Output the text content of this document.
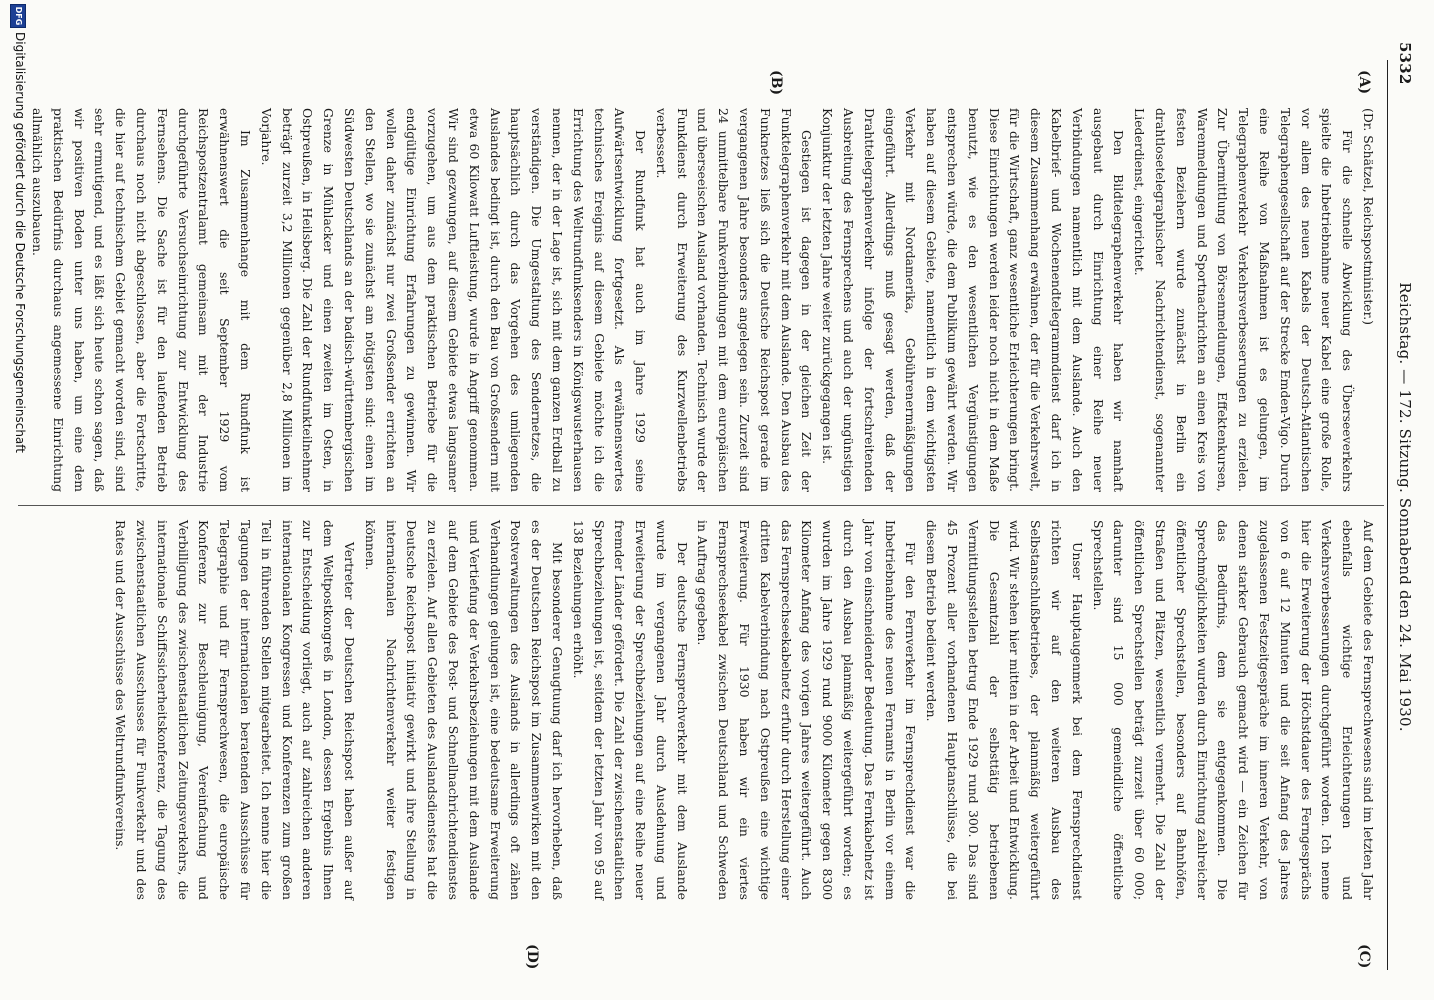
5332
Reichstag. — 172. Sitzung. Sonnabend den 24. Mai 1930.
(A)
(B)
(C)
(D)

(Dr. Schätzel, Reichspostminister.)

Für die schnelle Abwicklung des Überseeverkehrs spielte die Inbetriebnahme neuer Kabel eine große Rolle, vor allem des neuen Kabels der Deutsch-Atlantischen Telegraphengesellschaft auf der Strecke Emden-Vigo. Durch eine Reihe von Maßnahmen ist es gelungen, im Telegraphenverkehr Verkehrsverbesserungen zu erzielen. Zur Übermittlung von Börsenmeldungen, Effektenkursen, Warenmeldungen und Sportnachrichten an einen Kreis von festen Beziehern wurde zunächst in Berlin ein drahtlosetelegraphischer Nachrichtendienst, sogenannter Liederdienst, eingerichtet.

Den Bildtelegraphenverkehr haben wir namhaft ausgebaut durch Einrichtung einer Reihe neuer Verbindungen namentlich mit dem Auslande. Auch den Kabelbrief- und Wochenendtelegrammdienst darf ich in diesem Zusammenhang erwähnen, der für die Verkehrswelt, für die Wirtschaft, ganz wesentliche Erleichterungen bringt. Diese Einrichtungen werden leider noch nicht in dem Maße benutzt, wie es den wesentlichen Vergünstigungen entsprechen würde, die dem Publikum gewährt werden. Wir haben auf diesem Gebiete, namentlich in dem wichtigsten Verkehr mit Nordamerika, Gebührenermäßigungen eingeführt. Allerdings muß gesagt werden, daß der Drahttelegraphenverkehr infolge der fortschreitenden Ausbreitung des Fernsprechens und auch der ungünstigen Konjunktur der letzten Jahre weiter zurückgegangen ist.

Gestiegen ist dagegen in der gleichen Zeit der Funktelegraphenverkehr mit dem Auslande. Den Ausbau des Funknetzes ließ sich die Deutsche Reichspost gerade im vergangenen Jahre besonders angelegen sein. Zurzeit sind 24 unmittelbare Funkverbindungen mit dem europäischen und überseeischen Ausland vorhanden. Technisch wurde der Funkdienst durch Erweiterung des Kurzwellenbetriebs verbessert.

Der Rundfunk hat auch im Jahre 1929 seine Aufwärtsentwicklung fortgesetzt. Als erwähnenswertes technisches Ereignis auf diesem Gebiete möchte ich die Errichtung des Weltrundfunksenders in Königswusterhausen nennen, der in der Lage ist, sich mit dem ganzen Erdball zu verständigen. Die Umgestaltung des Sendernetzes, die hauptsächlich durch das Vorgehen des umliegenden Auslandes bedingt ist, durch den Bau von Großsendern mit etwa 60 Kilowatt Luftleistung, wurde in Angriff genommen. Wir sind gezwungen, auf diesem Gebiete etwas langsamer vorzugehen, um aus dem praktischen Betriebe für die endgültige Einrichtung Erfahrungen zu gewinnen. Wir wollen daher zunächst nur zwei Großsender errichten an den Stellen, wo sie zunächst am nötigsten sind: einen im Südwesten Deutschlands an der badisch-württembergischen Grenze in Mühlacker und einen zweiten im Osten, in Ostpreußen, in Heilsberg. Die Zahl der Rundfunkteilnehmer beträgt zurzeit 3,2 Millionen gegenüber 2,8 Millionen im Vorjahre.

Im Zusammenhange mit dem Rundfunk ist erwähnenswert die seit September 1929 vom Reichspostzentralamt gemeinsam mit der Industrie durchgeführte Versuchseinrichtung zur Entwicklung des Fernsehens. Die Sache ist für den laufenden Betrieb durchaus noch nicht abgeschlossen, aber die Fortschritte, die hier auf technischem Gebiet gemacht worden sind, sind sehr ermutigend, und es läßt sich heute schon sagen, daß wir positiven Boden unter uns haben, um eine dem praktischen Bedürfnis durchaus angemessene Einrichtung allmählich auszubauen.

Auf dem Gebiete des Fernsprechwesens sind im letzten Jahr ebenfalls wichtige Erleichterungen und Verkehrsverbesserungen durchgeführt worden. Ich nenne hier die Erweiterung der Höchstdauer des Ferngesprächs von 6 auf 12 Minuten und die seit Anfang des Jahres zugelassenen Festzeitgespräche im inneren Verkehr, von denen starker Gebrauch gemacht wird — ein Zeichen für das Bedürfnis, dem sie entgegenkommen. Die Sprechmöglichkeiten wurden durch Einrichtung zahlreicher öffentlicher Sprechstellen, besonders auf Bahnhöfen, Straßen und Plätzen, wesentlich vermehrt. Die Zahl der öffentlichen Sprechstellen beträgt zurzeit über 60 000; darunter sind 15 000 gemeindliche öffentliche Sprechstellen.

Unser Hauptaugenmerk bei dem Fernsprechdienst richten wir auf den weiteren Ausbau des Selbstanschlußbetriebes, der planmäßig weitergeführt wird. Wir stehen hier mitten in der Arbeit und Entwicklung. Die Gesamtzahl der selbsttätig betriebenen Vermittlungsstellen betrug Ende 1929 rund 300. Das sind 45 Prozent aller vorhandenen Hauptanschlüsse, die bei diesem Betrieb bedient werden.

Für den Fernverkehr im Fernsprechdienst war die Inbetriebnahme des neuen Fernamts in Berlin vor einem Jahr von einschneidender Bedeutung. Das Fernkabelnetz ist durch den Ausbau planmäßig weitergeführt worden; es wurden im Jahre 1929 rund 9000 Kilometer gegen 8300 Kilometer Anfang des vorigen Jahres weitergeführt. Auch das Fernsprechseekabelnetz erfuhr durch Herstellung einer dritten Kabelverbindung nach Ostpreußen eine wichtige Erweiterung. Für 1930 haben wir ein viertes Fernsprechseekabel zwischen Deutschland und Schweden in Auftrag gegeben.

Der deutsche Fernsprechverkehr mit dem Auslande wurde im vergangenen Jahr durch Ausdehnung und Erweiterung der Sprechbeziehungen auf eine Reihe neuer fremder Länder gefördert. Die Zahl der zwischenstaatlichen Sprechbeziehungen ist, seitdem der letzten Jahr von 95 auf 138 Beziehungen erhöht.

Mit besonderer Genugtuung darf ich hervorheben, daß es der Deutschen Reichspost im Zusammenwirken mit den Postverwaltungen des Auslands in allerdings oft zähen Verhandlungen gelungen ist, eine bedeutsame Erweiterung und Vertiefung der Verkehrsbeziehungen mit dem Auslande auf dem Gebiete des Post- und Schnellnachrichtendienstes zu erzielen. Auf allen Gebieten des Auslandsdienstes hat die Deutsche Reichspost initiativ gewirkt und ihre Stellung in internationalen Nachrichtenverkehr weiter festigen können.

Vertreter der Deutschen Reichspost haben außer auf dem Weltpostkongreß in London, dessen Ergebnis Ihnen zur Entscheidung vorliegt, auch auf zahlreichen anderen internationalen Kongressen und Konferenzen zum großen Teil in führenden Stellen mitgearbeitet. Ich nenne hier die Tagungen der internationalen beratenden Ausschüsse für Telegraphie und für Fernsprechwesen, die europäische Konferenz zur Beschleunigung, Vereinfachung und Verbilligung des zwischenstaatlichen Zeitungsverkehrs, die internationale Schiffssicherheitskonferenz, die Tagung des zwischenstaatlichen Ausschusses für Funkverkehr und des Rates und der Ausschüsse des Weltrundfunkvereins.

DFG
Digitalisierung gefördert durch die Deutsche Forschungsgemeinschaft
